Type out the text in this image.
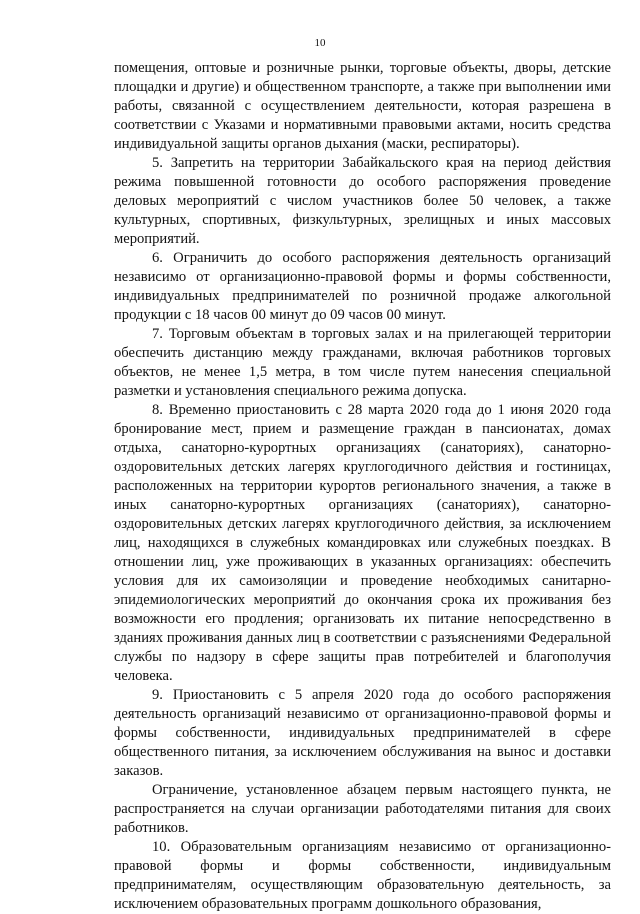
10

помещения, оптовые и розничные рынки, торговые объекты, дворы, детские площадки и другие) и общественном транспорте, а также при выполнении ими работы, связанной с осуществлением деятельности, которая разрешена в соответствии с Указами и нормативными правовыми актами, носить средства индивидуальной защиты органов дыхания (маски, респираторы).

5. Запретить на территории Забайкальского края на период действия режима повышенной готовности до особого распоряжения проведение деловых мероприятий с числом участников более 50 человек, а также культурных, спортивных, физкультурных, зрелищных и иных массовых мероприятий.

6. Ограничить до особого распоряжения деятельность организаций независимо от организационно-правовой формы и формы собственности, индивидуальных предпринимателей по розничной продаже алкогольной продукции с 18 часов 00 минут до 09 часов 00 минут.

7. Торговым объектам в торговых залах и на прилегающей территории обеспечить дистанцию между гражданами, включая работников торговых объектов, не менее 1,5 метра, в том числе путем нанесения специальной разметки и установления специального режима допуска.

8. Временно приостановить с 28 марта 2020 года до 1 июня 2020 года бронирование мест, прием и размещение граждан в пансионатах, домах отдыха, санаторно-курортных организациях (санаториях), санаторно-оздоровительных детских лагерях круглогодичного действия и гостиницах, расположенных на территории курортов регионального значения, а также в иных санаторно-курортных организациях (санаториях), санаторно-оздоровительных детских лагерях круглогодичного действия, за исключением лиц, находящихся в служебных командировках или служебных поездках. В отношении лиц, уже проживающих в указанных организациях: обеспечить условия для их самоизоляции и проведение необходимых санитарно-эпидемиологических мероприятий до окончания срока их проживания без возможности его продления; организовать их питание непосредственно в зданиях проживания данных лиц в соответствии с разъяснениями Федеральной службы по надзору в сфере защиты прав потребителей и благополучия человека.

9. Приостановить с 5 апреля 2020 года до особого распоряжения деятельность организаций независимо от организационно-правовой формы и формы собственности, индивидуальных предпринимателей в сфере общественного питания, за исключением обслуживания на вынос и доставки заказов.

Ограничение, установленное абзацем первым настоящего пункта, не распространяется на случаи организации работодателями питания для своих работников.

10. Образовательным организациям независимо от организационно-правовой формы и формы собственности, индивидуальным предпринимателям, осуществляющим образовательную деятельность, за исключением образовательных программ дошкольного образования,
